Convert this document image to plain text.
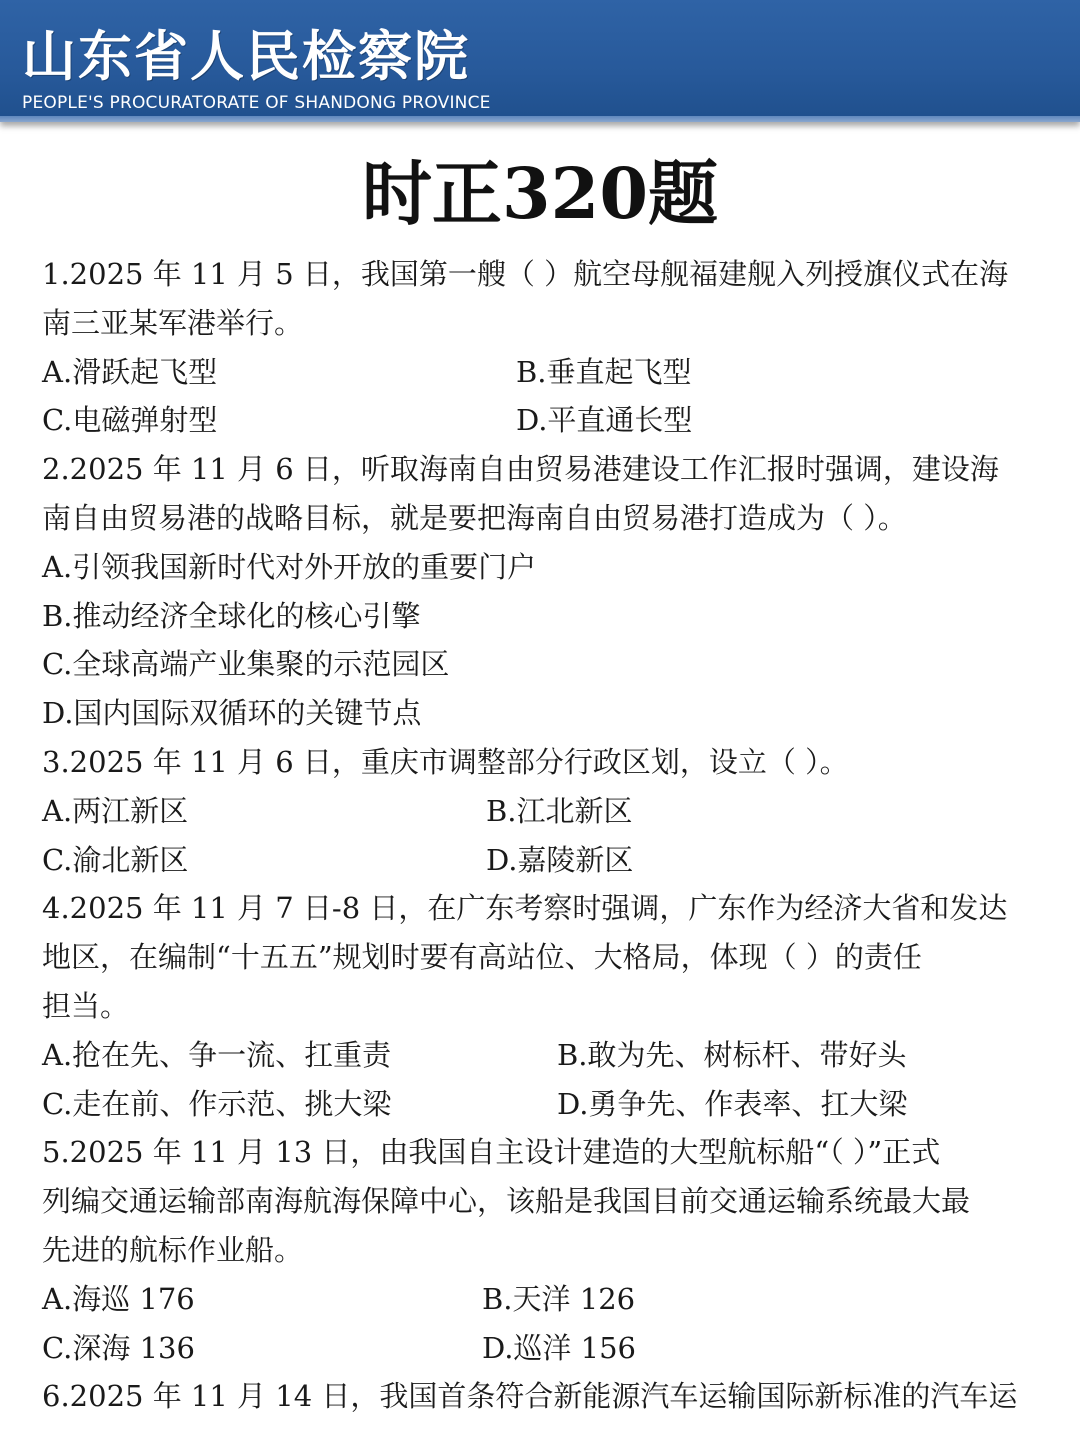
山东省人民检察院
PEOPLE'S PROCURATORATE OF SHANDONG PROVINCE
时正320题
1.2025 年 11 月 5 日，我国第一艘（ ）航空母舰福建舰入列授旗仪式在海
南三亚某军港举行。
A.滑跃起飞型	B.垂直起飞型
C.电磁弹射型	D.平直通长型
2.2025 年 11 月 6 日，听取海南自由贸易港建设工作汇报时强调，建设海
南自由贸易港的战略目标，就是要把海南自由贸易港打造成为（ ）。
A.引领我国新时代对外开放的重要门户
B.推动经济全球化的核心引擎
C.全球高端产业集聚的示范园区
D.国内国际双循环的关键节点
3.2025 年 11 月 6 日，重庆市调整部分行政区划，设立（ ）。
A.两江新区	B.江北新区
C.渝北新区	D.嘉陵新区
4.2025 年 11 月 7 日-8 日，在广东考察时强调，广东作为经济大省和发达
地区，在编制“十五五”规划时要有高站位、大格局，体现（ ）的责任
担当。
A.抢在先、争一流、扛重责	B.敢为先、树标杆、带好头
C.走在前、作示范、挑大梁	D.勇争先、作表率、扛大梁
5.2025 年 11 月 13 日，由我国自主设计建造的大型航标船“（ ）”正式
列编交通运输部南海航海保障中心，该船是我国目前交通运输系统最大最
先进的航标作业船。
A.海巡 176	B.天洋 126
C.深海 136	D.巡洋 156
6.2025 年 11 月 14 日，我国首条符合新能源汽车运输国际新标准的汽车运
